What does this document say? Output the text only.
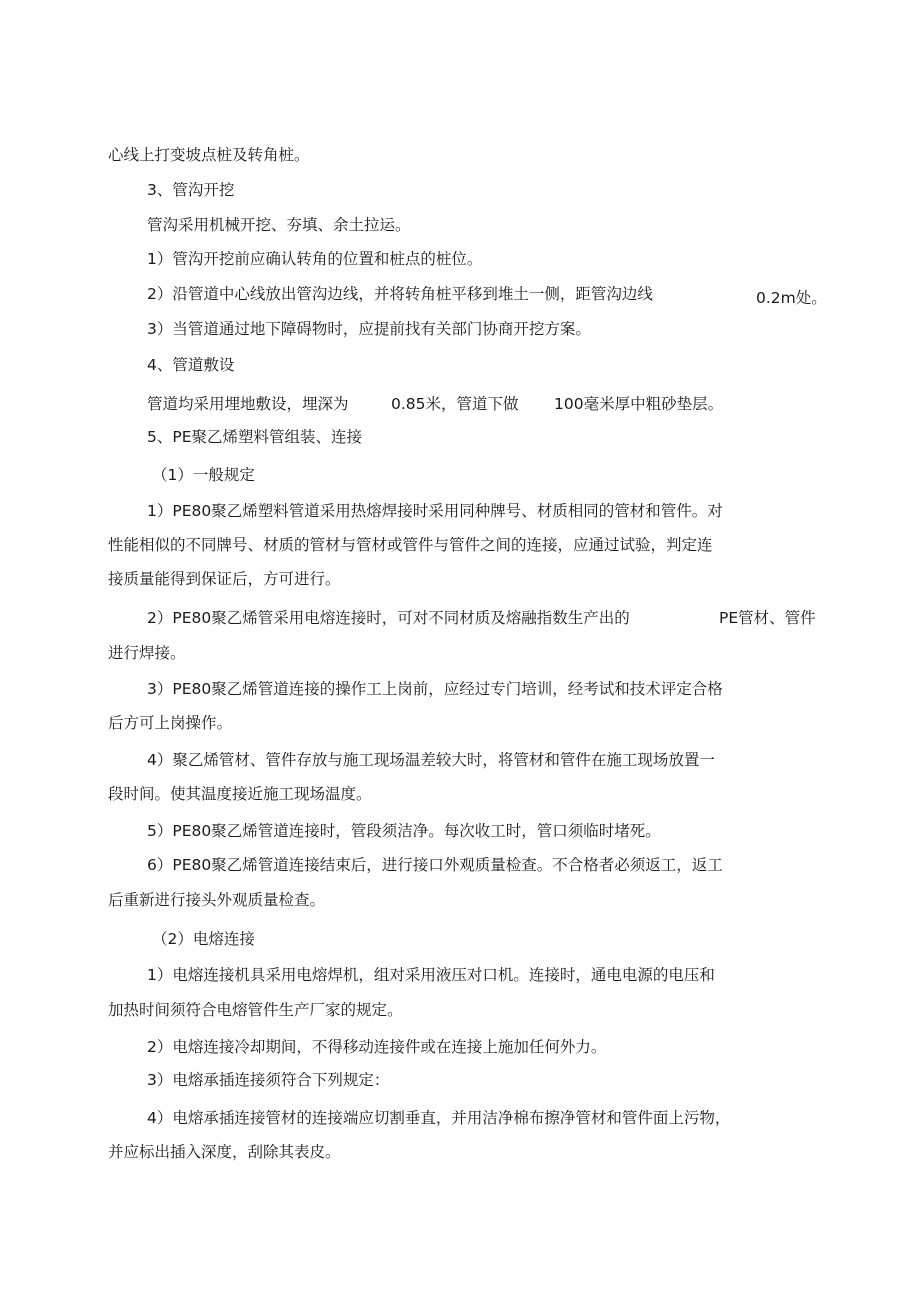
心线上打变坡点桩及转角桩。
3、管沟开挖
管沟采用机械开挖、夯填、余土拉运。
1）管沟开挖前应确认转角的位置和桩点的桩位。
2）沿管道中心线放出管沟边线，并将转角桩平移到堆土一侧，距管沟边线	0.2m处。
3）当管道通过地下障碍物时，应提前找有关部门协商开挖方案。
4、管道敷设
管道均采用埋地敷设，埋深为	0.85米，管道下做 100毫米厚中粗砂垫层。
5、PE聚乙烯塑料管组装、连接
（1）一般规定
1）PE80聚乙烯塑料管道采用热熔焊接时采用同种牌号、材质相同的管材和管件。对
性能相似的不同牌号、材质的管材与管材或管件与管件之间的连接，应通过试验，判定连
接质量能得到保证后，方可进行。
2）PE80聚乙烯管采用电熔连接时，可对不同材质及熔融指数生产出的	PE管材、管件
进行焊接。
3）PE80聚乙烯管道连接的操作工上岗前，应经过专门培训，经考试和技术评定合格
后方可上岗操作。
4）聚乙烯管材、管件存放与施工现场温差较大时，将管材和管件在施工现场放置一
段时间。使其温度接近施工现场温度。
5）PE80聚乙烯管道连接时，管段须洁净。每次收工时，管口须临时堵死。
6）PE80聚乙烯管道连接结束后，进行接口外观质量检查。不合格者必须返工，返工
后重新进行接头外观质量检查。
（2）电熔连接
1）电熔连接机具采用电熔焊机，组对采用液压对口机。连接时，通电电源的电压和
加热时间须符合电熔管件生产厂家的规定。
2）电熔连接冷却期间，不得移动连接件或在连接上施加任何外力。
3）电熔承插连接须符合下列规定：
4）电熔承插连接管材的连接端应切割垂直，并用洁净棉布擦净管材和管件面上污物，
并应标出插入深度，刮除其表皮。
